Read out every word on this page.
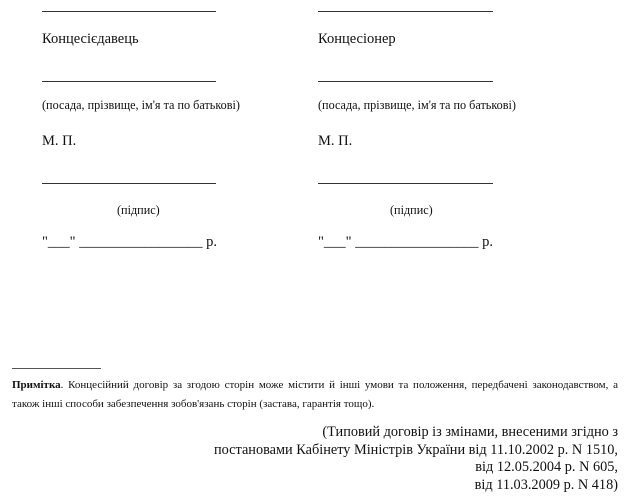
Концесієдавець
(посада, прізвище, ім'я та по батькові)
М. П.
(підпис)
"___" _________________ р.
Концесіонер
(посада, прізвище, ім'я та по батькові)
М. П.
(підпис)
"___" _________________ р.
Примітка. Концесійний договір за згодою сторін може містити й інші умови та положення, передбачені законодавством, а також інші способи забезпечення зобов'язань сторін (застава, гарантія тощо).
(Типовий договір із змінами, внесеними згідно з
постановами Кабінету Міністрів України від 11.10.2002 р. N 1510,
від 12.05.2004 р. N 605,
від 11.03.2009 р. N 418)
